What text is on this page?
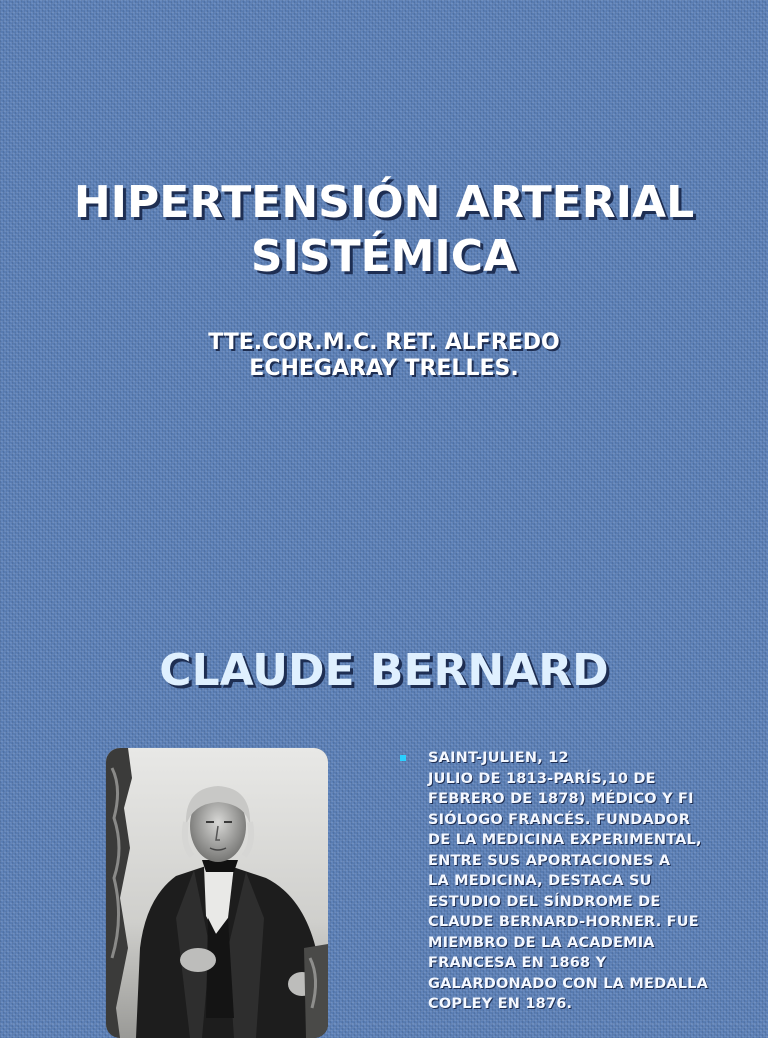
HIPERTENSIÓN ARTERIAL
SISTÉMICA
TTE.COR.M.C. RET. ALFREDO
ECHEGARAY TRELLES.
CLAUDE BERNARD
SAINT-JULIEN, 12
JULIO DE 1813-PARÍS,10 DE
FEBRERO DE 1878) MÉDICO Y FI
SIÓLOGO FRANCÉS. FUNDADOR
DE LA MEDICINA EXPERIMENTAL,
ENTRE SUS APORTACIONES A
LA MEDICINA, DESTACA SU
ESTUDIO DEL SÍNDROME DE
CLAUDE BERNARD-HORNER. FUE
MIEMBRO DE LA ACADEMIA
FRANCESA EN 1868 Y
GALARDONADO CON LA MEDALLA
COPLEY EN 1876.
